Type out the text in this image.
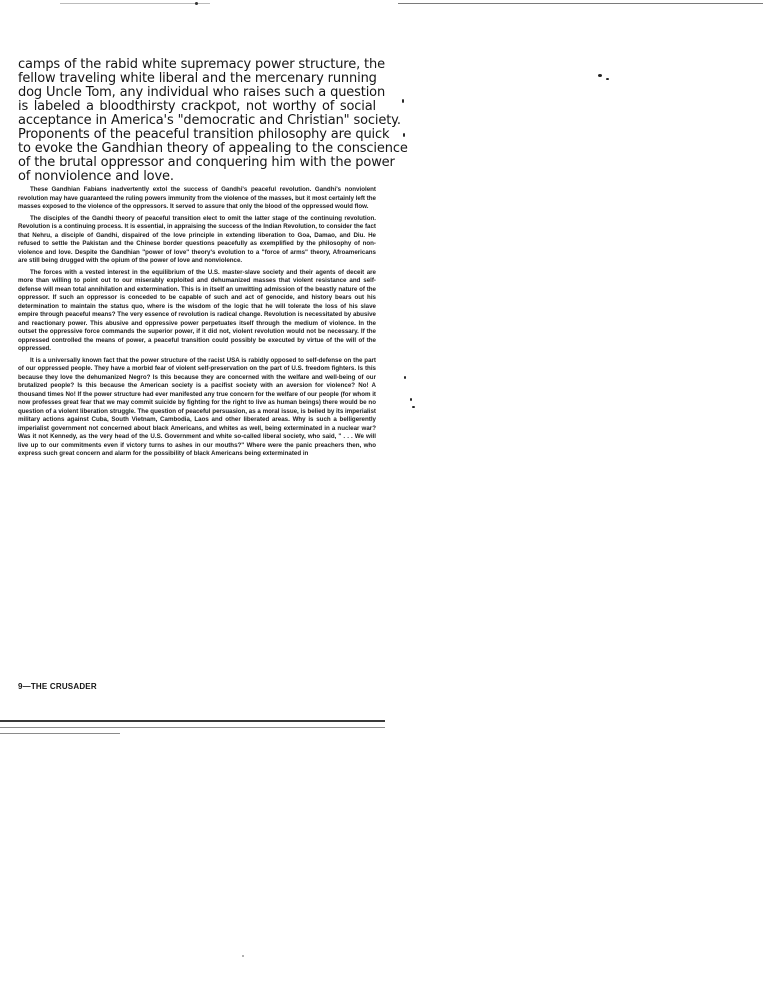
camps of the rabid white supremacy power structure, the
fellow traveling white liberal and the mercenary running
dog Uncle Tom, any individual who raises such a question
is labeled a bloodthirsty crackpot, not worthy of social
acceptance in America's "democratic and Christian" society.
Proponents of the peaceful transition philosophy are quick
to evoke the Gandhian theory of appealing to the conscience
of the brutal oppressor and conquering him with the power
of nonviolence and love.

These Gandhian Fabians inadvertently extol the success of Gandhi's peaceful revolution. Gandhi's nonviolent revolution may have guaranteed the ruling powers immunity from the violence of the masses, but it most certainly left the masses exposed to the violence of the oppressors. It served to assure that only the blood of the oppressed would flow.

The disciples of the Gandhi theory of peaceful transition elect to omit the latter stage of the continuing revolution. Revolution is a continuing process. It is essential, in appraising the success of the Indian Revolution, to consider the fact that Nehru, a disciple of Gandhi, dispaired of the love principle in extending liberation to Goa, Damao, and Diu. He refused to settle the Pakistan and the Chinese border questions peacefully as exemplified by the philosophy of non-violence and love. Despite the Gandhian "power of love" theory's evolution to a "force of arms" theory, Afroamericans are still being drugged with the opium of the power of love and nonviolence.

The forces with a vested interest in the equilibrium of the U.S. master-slave society and their agents of deceit are more than willing to point out to our miserably exploited and dehumanized masses that violent resistance and self-defense will mean total annihilation and extermination. This is in itself an unwitting admission of the beastly nature of the oppressor. If such an oppressor is conceded to be capable of such and act of genocide, and history bears out his determination to maintain the status quo, where is the wisdom of the logic that he will tolerate the loss of his slave empire through peaceful means? The very essence of revolution is radical change. Revolution is necessitated by abusive and reactionary power. This abusive and oppressive power perpetuates itself through the medium of violence. In the outset the oppressive force commands the superior power, if it did not, violent revolution would not be necessary. If the oppressed controlled the means of power, a peaceful transition could possibly be executed by virtue of the will of the oppressed.

It is a universally known fact that the power structure of the racist USA is rabidly opposed to self-defense on the part of our oppressed people. They have a morbid fear of violent self-preservation on the part of U.S. freedom fighters. Is this because they love the dehumanized Negro? Is this because they are concerned with the welfare and well-being of our brutalized people? Is this because the American society is a pacifist society with an aversion for violence? No! A thousand times No! If the power structure had ever manifested any true concern for the welfare of our people (for whom it now professes great fear that we may commit suicide by fighting for the right to live as human beings) there would be no question of a violent liberation struggle. The question of peaceful persuasion, as a moral issue, is belied by its imperialist military actions against Cuba, South Vietnam, Cambodia, Laos and other liberated areas. Why is such a belligerently imperialist government not concerned about black Americans, and whites as well, being exterminated in a nuclear war? Was it not Kennedy, as the very head of the U.S. Government and white so-called liberal society, who said, " . . . We will live up to our commitments even if victory turns to ashes in our mouths?" Where were the panic preachers then, who express such great concern and alarm for the possibility of black Americans being exterminated in

9—THE CRUSADER
